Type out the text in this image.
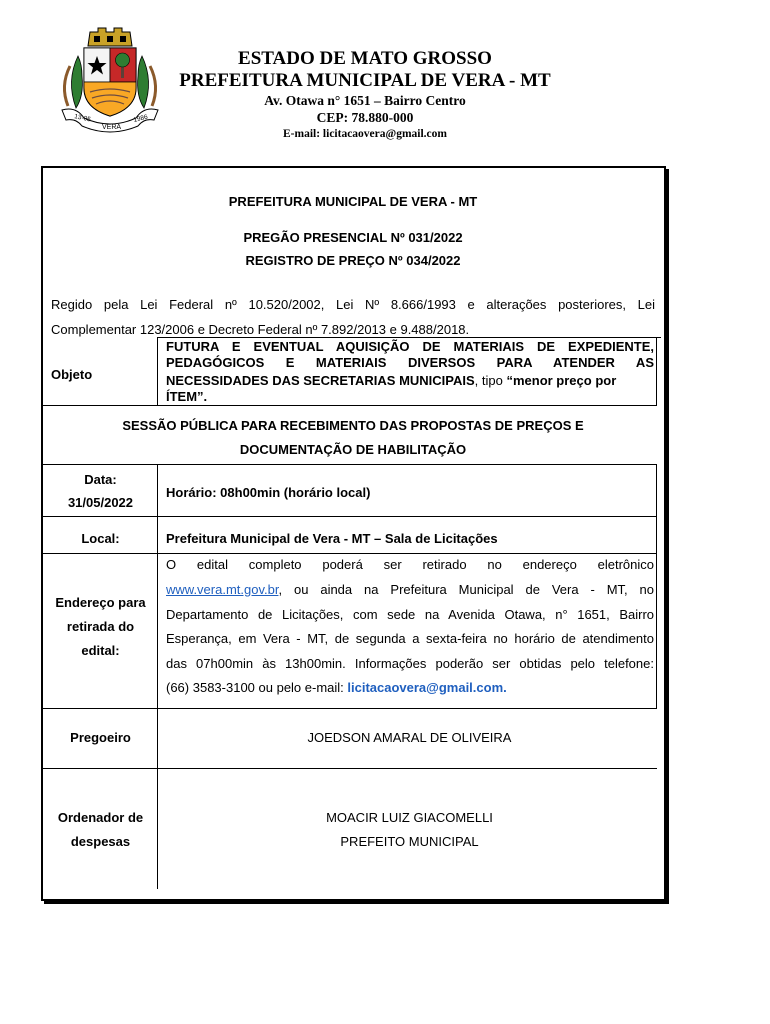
13-05
VERA
1986
ESTADO DE MATO GROSSO
PREFEITURA MUNICIPAL DE VERA - MT
Av. Otawa n° 1651 – Bairro Centro
CEP: 78.880-000
E-mail: licitacaovera@gmail.com
PREFEITURA MUNICIPAL DE VERA - MT
PREGÃO PRESENCIAL Nº 031/2022
REGISTRO DE PREÇO Nº 034/2022
Regido pela Lei Federal nº 10.520/2002, Lei Nº 8.666/1993 e alterações posteriores, Lei
Complementar 123/2006 e Decreto Federal nº 7.892/2013 e 9.488/2018.
Objeto
FUTURA E EVENTUAL AQUISIÇÃO DE MATERIAIS DE EXPEDIENTE,
PEDAGÓGICOS E MATERIAIS DIVERSOS PARA ATENDER AS
NECESSIDADES DAS SECRETARIAS MUNICIPAIS, tipo “menor preço por
ÍTEM”.
SESSÃO PÚBLICA PARA RECEBIMENTO DAS PROPOSTAS DE PREÇOS E
DOCUMENTAÇÃO DE HABILITAÇÃO
Data:
31/05/2022
Horário: 08h00min (horário local)
Local:	Prefeitura Municipal de Vera - MT – Sala de Licitações
Endereço para
retirada do
edital:
O edital completo poderá ser retirado no endereço eletrônico
www.vera.mt.gov.br, ou ainda na Prefeitura Municipal de Vera - MT, no
Departamento de Licitações, com sede na Avenida Otawa, n° 1651, Bairro
Esperança, em Vera - MT, de segunda a sexta-feira no horário de atendimento
das 07h00min às 13h00min. Informações poderão ser obtidas pelo telefone:
(66) 3583-3100 ou pelo e-mail: licitacaovera@gmail.com.
Pregoeiro	JOEDSON AMARAL DE OLIVEIRA
Ordenador de
despesas
MOACIR LUIZ GIACOMELLI
PREFEITO MUNICIPAL
